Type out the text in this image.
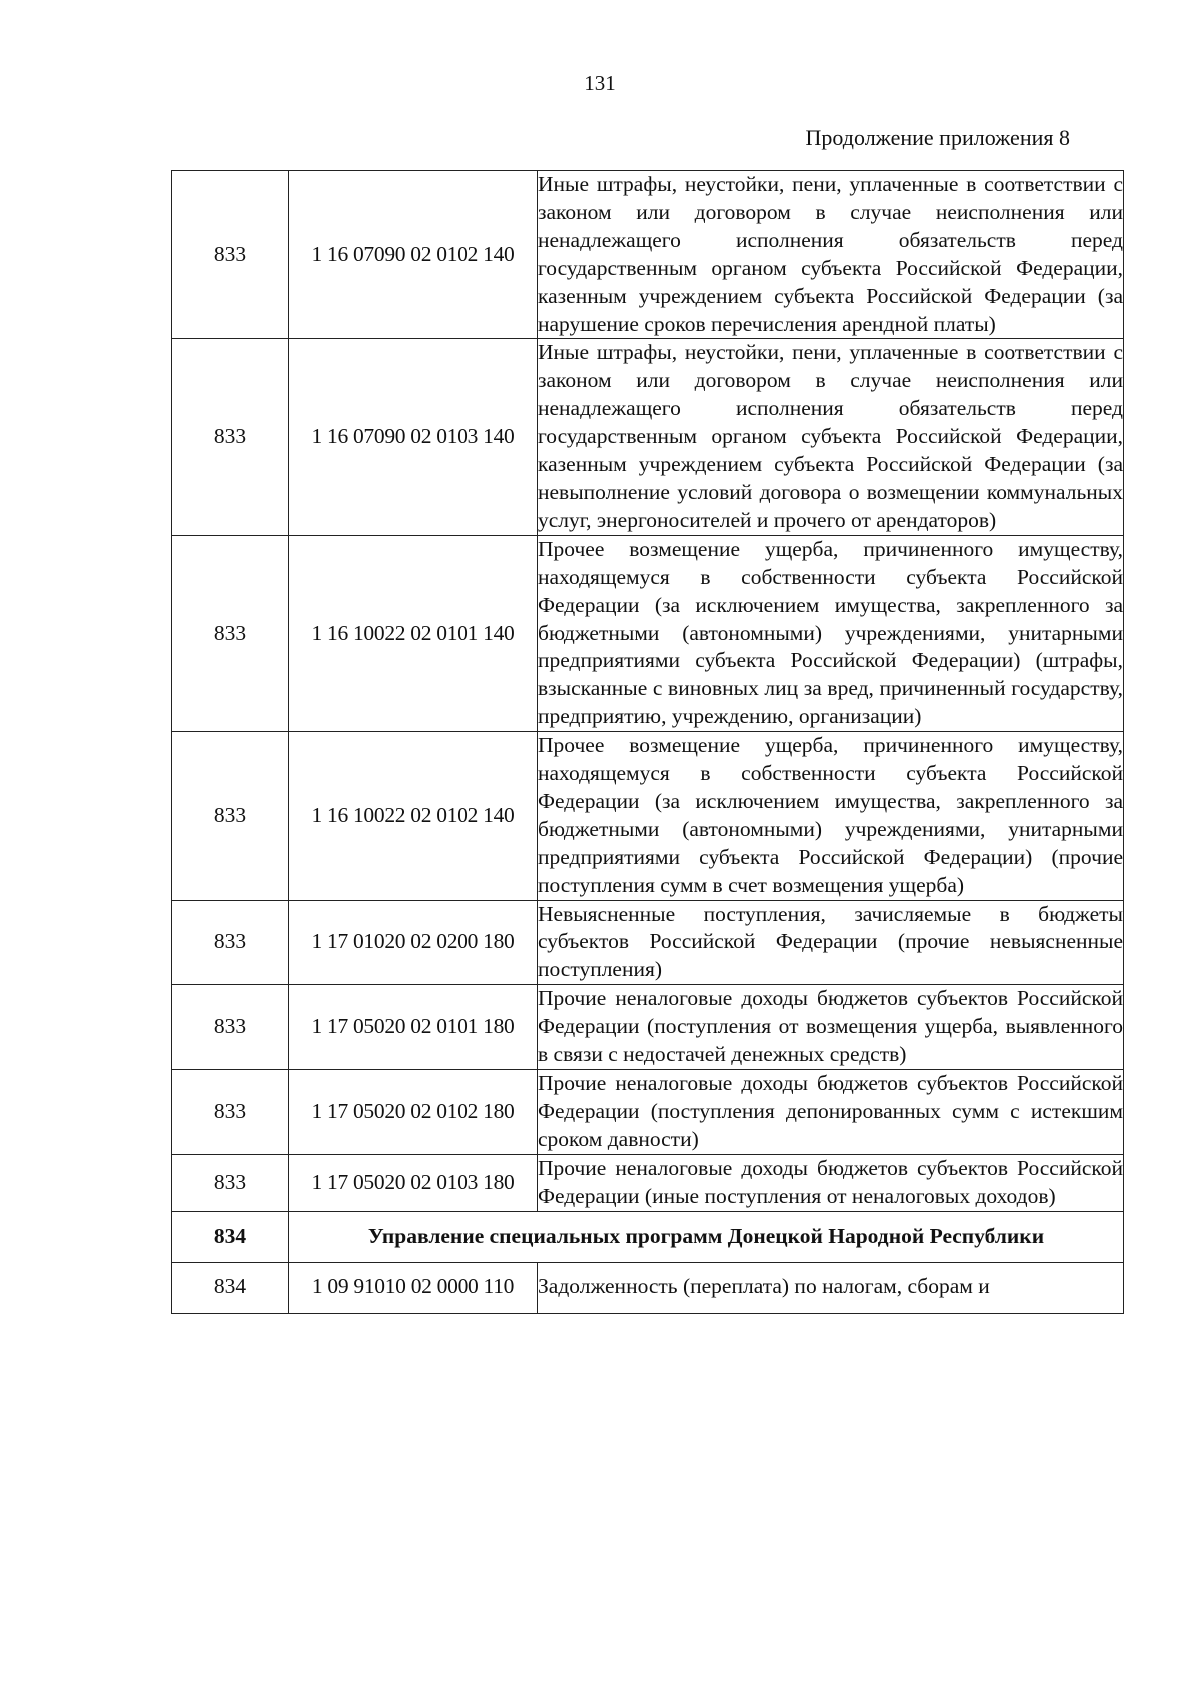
131
Продолжение приложения 8
833	1 16 07090 02 0102 140	Иные штрафы, неустойки, пени, уплаченные в соответствии с законом или договором в случае неисполнения или ненадлежащего исполнения обязательств перед государственным органом субъекта Российской Федерации, казенным учреждением субъекта Российской Федерации (за нарушение сроков перечисления арендной платы)
833	1 16 07090 02 0103 140	Иные штрафы, неустойки, пени, уплаченные в соответствии с законом или договором в случае неисполнения или ненадлежащего исполнения обязательств перед государственным органом субъекта Российской Федерации, казенным учреждением субъекта Российской Федерации (за невыполнение условий договора о возмещении коммунальных услуг, энергоносителей и прочего от арендаторов)
833	1 16 10022 02 0101 140	Прочее возмещение ущерба, причиненного имуществу, находящемуся в собственности субъекта Российской Федерации (за исключением имущества, закрепленного за бюджетными (автономными) учреждениями, унитарными предприятиями субъекта Российской Федерации) (штрафы, взысканные с виновных лиц за вред, причиненный государству, предприятию, учреждению, организации)
833	1 16 10022 02 0102 140	Прочее возмещение ущерба, причиненного имуществу, находящемуся в собственности субъекта Российской Федерации (за исключением имущества, закрепленного за бюджетными (автономными) учреждениями, унитарными предприятиями субъекта Российской Федерации) (прочие поступления сумм в счет возмещения ущерба)
833	1 17 01020 02 0200 180	Невыясненные поступления, зачисляемые в бюджеты субъектов Российской Федерации (прочие невыясненные поступления)
833	1 17 05020 02 0101 180	Прочие неналоговые доходы бюджетов субъектов Российской Федерации (поступления от возмещения ущерба, выявленного в связи с недостачей денежных средств)
833	1 17 05020 02 0102 180	Прочие неналоговые доходы бюджетов субъектов Российской Федерации (поступления депонированных сумм с истекшим сроком давности)
833	1 17 05020 02 0103 180	Прочие неналоговые доходы бюджетов субъектов Российской Федерации (иные поступления от неналоговых доходов)
834	Управление специальных программ Донецкой Народной Республики	
834	1 09 91010 02 0000 110	Задолженность (переплата) по налогам, сборам и
